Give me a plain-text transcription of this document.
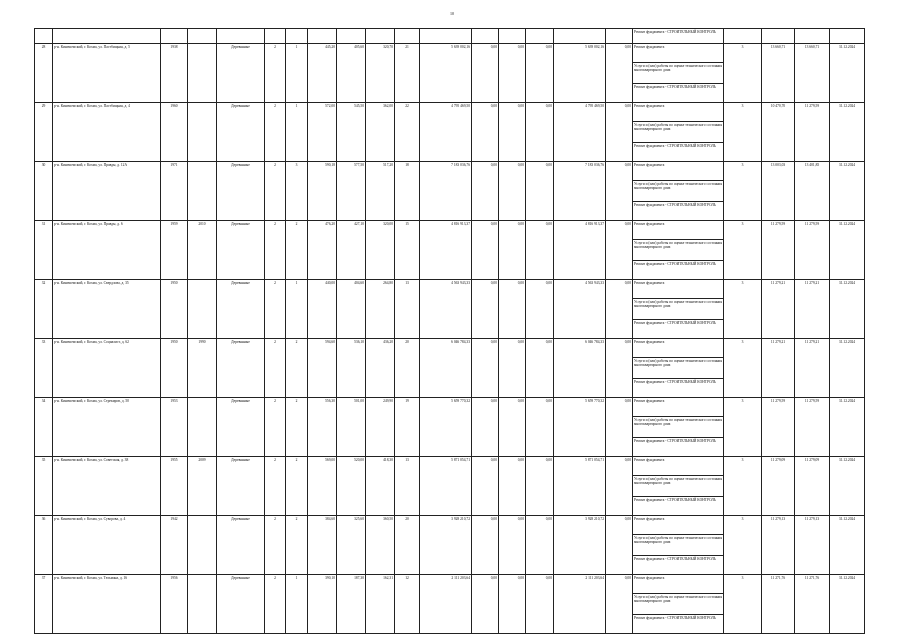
10
																	Ремонт фундамента - СТРОИТЕЛЬНЫЙ КОНТРОЛЬ				
28	р-н. Кинешемский, г. Кохма, ул. Пастбищная, д. 5	1938		Деревянные	2	1	445,20	405,60	320,70	21	5 639 002,16	0,00	0,00	0,00	5 639 002,16	0,00	Ремонт фундамента	3	13 660,71	13 660,71	31.12.2024
																	Услуги и (или) работы по оценке технического состояния многоквартирного дома				
																	Ремонт фундамента - СТРОИТЕЛЬНЫЙ КОНТРОЛЬ				
29	р-н. Кинешемский, г. Кохма, ул. Пастбищная, д. 4	1960		Деревянные	2	1	572,00	545,50	362,00	22	4 795 469,50	0,00	0,00	0,00	4 795 469,50	0,00	Ремонт фундамента	3	10 470,70	11 279,59	31.12.2024
																	Услуги и (или) работы по оценке технического состояния многоквартирного дома				
																	Ремонт фундамента - СТРОИТЕЛЬНЫЙ КОНТРОЛЬ				
30	р-н. Кинешемский, г. Кохма, ул. Правды, д. 12А	1971		Деревянные	2	3	590,18	577,50	517,20	18	7 183 036,76	0,00	0,00	0,00	7 183 036,76	0,00	Ремонт фундамента	3	13 003,03	13 401,85	31.12.2024
																	Услуги и (или) работы по оценке технического состояния многоквартирного дома				
																	Ремонт фундамента - СТРОИТЕЛЬНЫЙ КОНТРОЛЬ				
31	р-н. Кинешемский, г. Кохма, ул. Правды, д. 6	1959	2010	Деревянные	2	2	476,20	427,10	320,00	15	4 816 913,37	0,00	0,00	0,00	4 816 913,37	0,00	Ремонт фундамента	3	11 279,59	11 279,59	31.12.2024
																	Услуги и (или) работы по оценке технического состояния многоквартирного дома				
																	Ремонт фундамента - СТРОИТЕЛЬНЫЙ КОНТРОЛЬ				
32	р-н. Кинешемский, г. Кохма, ул. Свердлова, д. 35	1950		Деревянные	2	1	440,00	404,60	264,80	13	4 563 943,33	0,00	0,00	0,00	4 563 943,33	0,00	Ремонт фундамента	3	11 279,21	11 279,21	31.12.2024
																	Услуги и (или) работы по оценке технического состояния многоквартирного дома				
																	Ремонт фундамента - СТРОИТЕЛЬНЫЙ КОНТРОЛЬ				
33	р-н. Кинешемский, г. Кохма, ул. Социалист, д. 62	1950	1990	Деревянные	2	2	594,60	536,10	436,20	20	6 046 784,33	0,00	0,00	0,00	6 046 784,33	0,00	Ремонт фундамента	3	11 279,21	11 279,21	31.12.2024
																	Услуги и (или) работы по оценке технического состояния многоквартирного дома				
																	Ремонт фундамента - СТРОИТЕЛЬНЫЙ КОНТРОЛЬ				
34	р-н. Кинешемский, г. Кохма, ул. Стрекиров, д. 50	1953		Деревянные	2	2	556,30	501,00	249,90	19	5 659 770,32	0,00	0,00	0,00	5 659 770,32	0,00	Ремонт фундамента	3	11 279,59	11 279,59	31.12.2024
																	Услуги и (или) работы по оценке технического состояния многоквартирного дома				
																	Ремонт фундамента - СТРОИТЕЛЬНЫЙ КОНТРОЛЬ				
35	р-н. Кинешемский, г. Кохма, ул. Советская, д. 38	1955	2009	Деревянные	2	2	569,00	520,00	418,30	13	5 871 054,71	0,00	0,00	0,00	5 871 054,71	0,00	Ремонт фундамента	3	11 279,09	11 279,09	31.12.2024
																	Услуги и (или) работы по оценке технического состояния многоквартирного дома				
																	Ремонт фундамента - СТРОИТЕЛЬНЫЙ КОНТРОЛЬ				
36	р-н. Кинешемский, г. Кохма, ул. Суворова, д. 4	1942		Деревянные	2	2	384,60	325,60	360,50	20	3 928 210,72	0,00	0,00	0,00	3 928 210,72	0,00	Ремонт фундамента	3	11 279,13	11 279,13	31.12.2024
																	Услуги и (или) работы по оценке технического состояния многоквартирного дома				
																	Ремонт фундамента - СТРОИТЕЛЬНЫЙ КОНТРОЛЬ				
37	р-н. Кинешемский, г. Кохма, ул. Тельмана, д. 16	1956		Деревянные	2	1	390,10	187,30	162,31	12	2 111 203,64	0,00	0,00	0,00	2 111 203,64	0,00	Ремонт фундамента	3	11 271,76	11 271,76	31.12.2024
																	Услуги и (или) работы по оценке технического состояния многоквартирного дома				
																	Ремонт фундамента - СТРОИТЕЛЬНЫЙ КОНТРОЛЬ				
